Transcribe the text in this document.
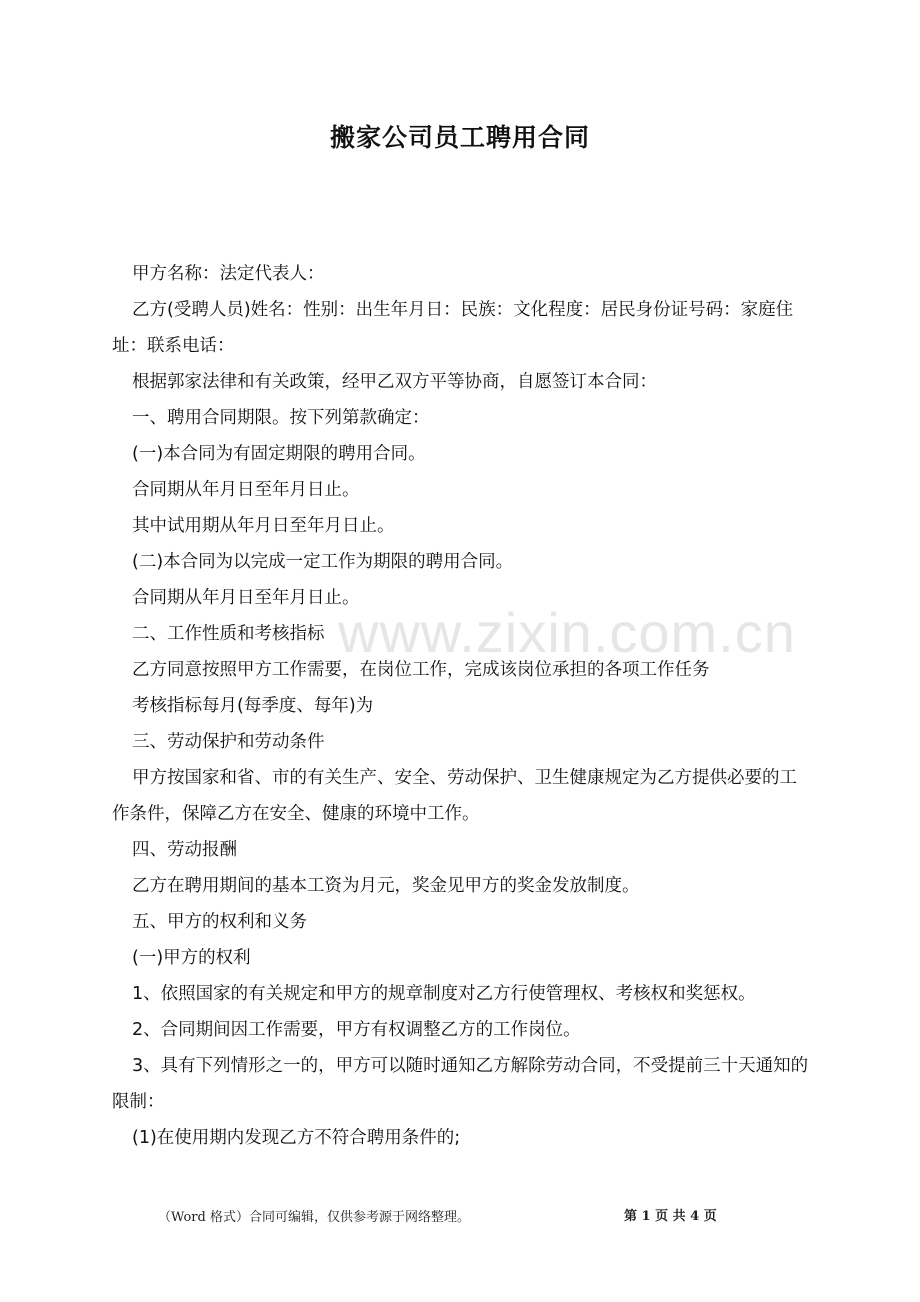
搬家公司员工聘用合同
www.zixin.com.cn

甲方名称：法定代表人：

乙方(受聘人员)姓名：性别：出生年月日：民族：文化程度：居民身份证号码：家庭住址：联系电话：

根据郭家法律和有关政策，经甲乙双方平等协商，自愿签订本合同：

一、聘用合同期限。按下列第款确定：

(一)本合同为有固定期限的聘用合同。

合同期从年月日至年月日止。

其中试用期从年月日至年月日止。

(二)本合同为以完成一定工作为期限的聘用合同。

合同期从年月日至年月日止。

二、工作性质和考核指标

乙方同意按照甲方工作需要，在岗位工作，完成该岗位承担的各项工作任务

考核指标每月(每季度、每年)为

三、劳动保护和劳动条件

甲方按国家和省、市的有关生产、安全、劳动保护、卫生健康规定为乙方提供必要的工作条件，保障乙方在安全、健康的环境中工作。

四、劳动报酬

乙方在聘用期间的基本工资为月元，奖金见甲方的奖金发放制度。

五、甲方的权利和义务

(一)甲方的权利

1、依照国家的有关规定和甲方的规章制度对乙方行使管理权、考核权和奖惩权。

2、合同期间因工作需要，甲方有权调整乙方的工作岗位。

3、具有下列情形之一的，甲方可以随时通知乙方解除劳动合同，不受提前三十天通知的限制：

(1)在使用期内发现乙方不符合聘用条件的;

（Word 格式）合同可编辑，仅供参考源于网络整理。	第 1 页 共 4 页
